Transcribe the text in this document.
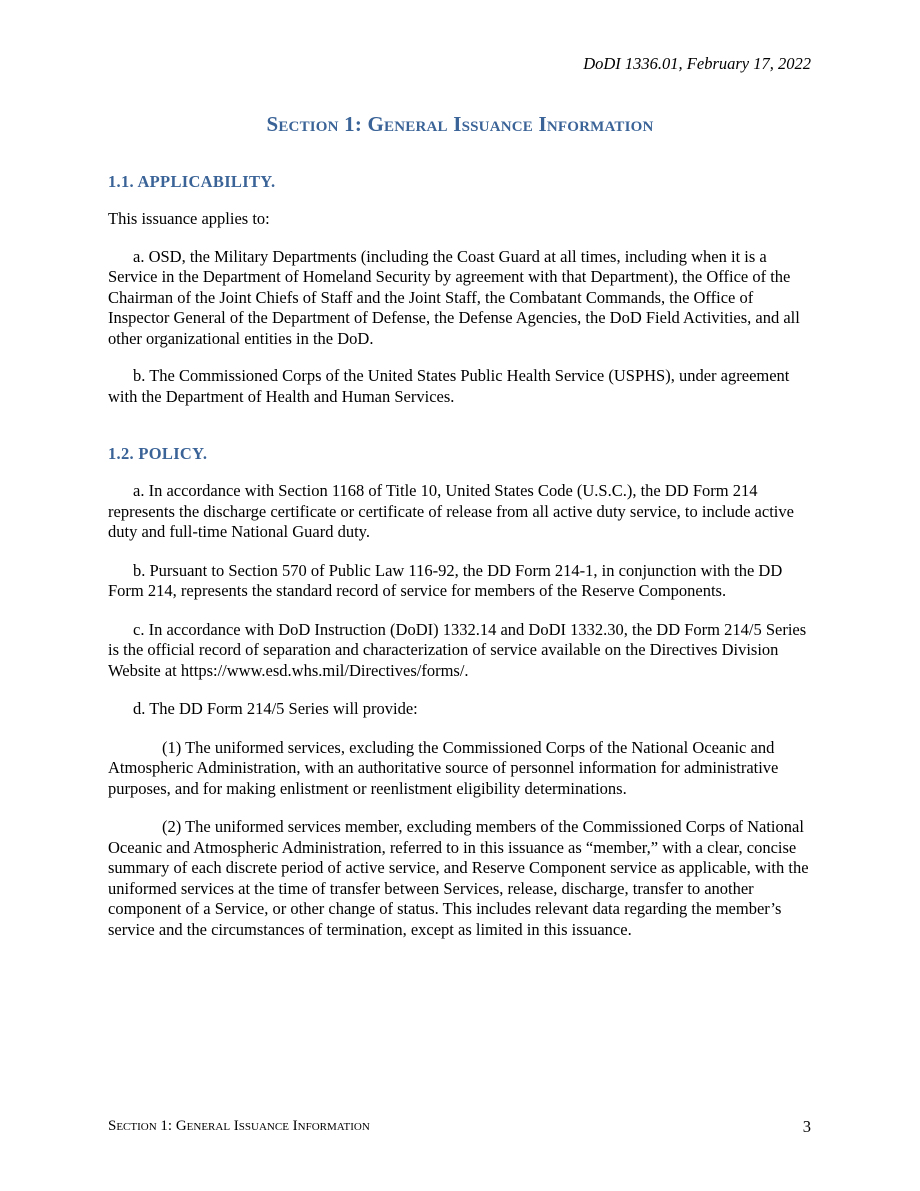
DoDI 1336.01, February 17, 2022
Section 1: General Issuance Information
1.1. APPLICABILITY.

This issuance applies to:

a. OSD, the Military Departments (including the Coast Guard at all times, including when it is a Service in the Department of Homeland Security by agreement with that Department), the Office of the Chairman of the Joint Chiefs of Staff and the Joint Staff, the Combatant Commands, the Office of Inspector General of the Department of Defense, the Defense Agencies, the DoD Field Activities, and all other organizational entities in the DoD.

b. The Commissioned Corps of the United States Public Health Service (USPHS), under agreement with the Department of Health and Human Services.

1.2. POLICY.

a. In accordance with Section 1168 of Title 10, United States Code (U.S.C.), the DD Form 214 represents the discharge certificate or certificate of release from all active duty service, to include active duty and full-time National Guard duty.

b. Pursuant to Section 570 of Public Law 116-92, the DD Form 214-1, in conjunction with the DD Form 214, represents the standard record of service for members of the Reserve Components.

c. In accordance with DoD Instruction (DoDI) 1332.14 and DoDI 1332.30, the DD Form 214/5 Series is the official record of separation and characterization of service available on the Directives Division Website at https://www.esd.whs.mil/Directives/forms/.

d. The DD Form 214/5 Series will provide:

(1) The uniformed services, excluding the Commissioned Corps of the National Oceanic and Atmospheric Administration, with an authoritative source of personnel information for administrative purposes, and for making enlistment or reenlistment eligibility determinations.

(2) The uniformed services member, excluding members of the Commissioned Corps of National Oceanic and Atmospheric Administration, referred to in this issuance as “member,” with a clear, concise summary of each discrete period of active service, and Reserve Component service as applicable, with the uniformed services at the time of transfer between Services, release, discharge, transfer to another component of a Service, or other change of status. This includes relevant data regarding the member’s service and the circumstances of termination, except as limited in this issuance.

Section 1: General Issuance Information	3
